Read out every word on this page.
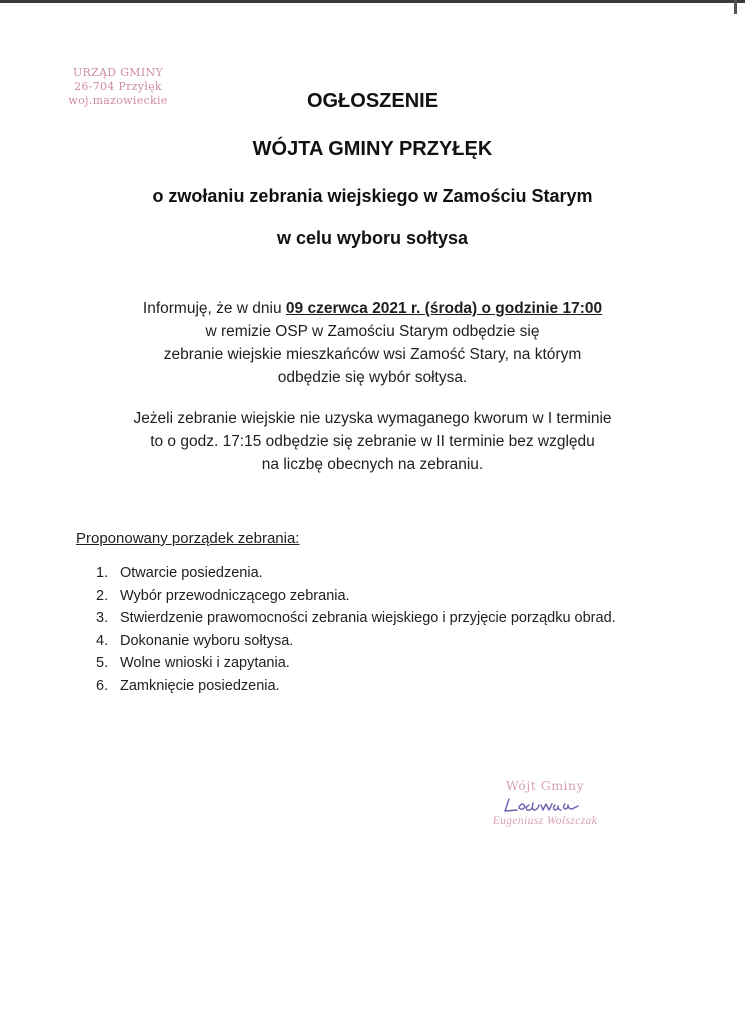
URZĄD GMINY
26-704 Przyłęk
woj.mazowieckie	OGŁOSZENIE
WÓJTA GMINY PRZYŁĘK
o zwołaniu zebrania wiejskiego w Zamościu Starym
w celu wyboru sołtysa
Informuję, że w dniu 09 czerwca 2021 r. (środa) o godzinie 17:00
w remizie OSP w Zamościu Starym odbędzie się
zebranie wiejskie mieszkańców wsi Zamość Stary, na którym
odbędzie się wybór sołtysa.
Jeżeli zebranie wiejskie nie uzyska wymaganego kworum w I terminie
to o godz. 17:15 odbędzie się zebranie w II terminie bez względu
na liczbę obecnych na zebraniu.
Proponowany porządek zebrania:
1. Otwarcie posiedzenia.
2. Wybór przewodniczącego zebrania.
3. Stwierdzenie prawomocności zebrania wiejskiego i przyjęcie porządku obrad.
4. Dokonanie wyboru sołtysa.
5. Wolne wnioski i zapytania.
6. Zamknięcie posiedzenia.
Wójt Gminy
Eugeniusz Wolszczak
